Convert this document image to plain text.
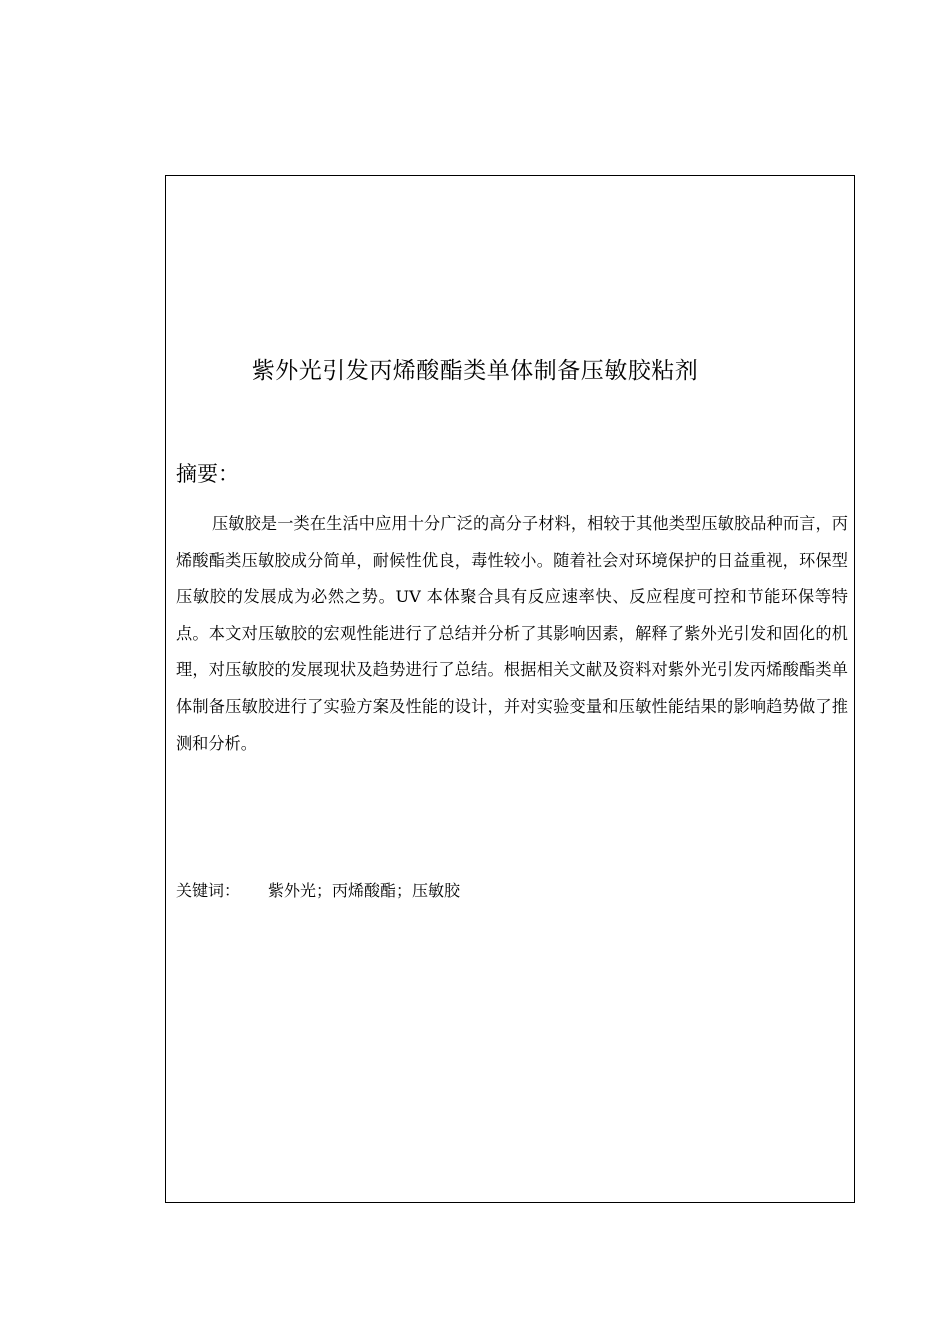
紫外光引发丙烯酸酯类单体制备压敏胶粘剂
摘要：

压敏胶是一类在生活中应用十分广泛的高分子材料，相较于其他类型压敏胶品种而言，丙烯酸酯类压敏胶成分简单，耐候性优良，毒性较小。随着社会对环境保护的日益重视，环保型压敏胶的发展成为必然之势。UV 本体聚合具有反应速率快、反应程度可控和节能环保等特点。本文对压敏胶的宏观性能进行了总结并分析了其影响因素，解释了紫外光引发和固化的机理，对压敏胶的发展现状及趋势进行了总结。根据相关文献及资料对紫外光引发丙烯酸酯类单体制备压敏胶进行了实验方案及性能的设计，并对实验变量和压敏性能结果的影响趋势做了推测和分析。

关键词： 紫外光；丙烯酸酯；压敏胶
